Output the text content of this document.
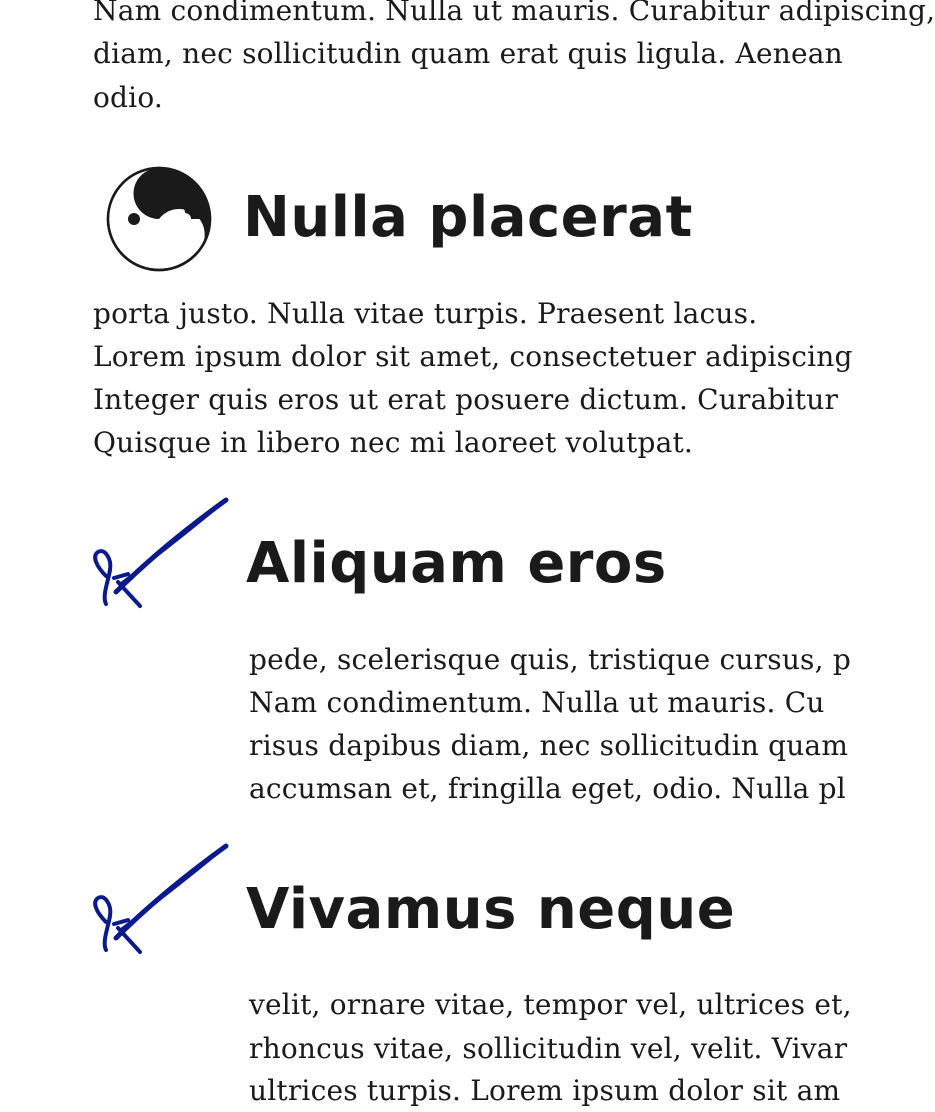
Nam condimentum. Nulla ut mauris. Curabitur adipiscing,
diam, nec sollicitudin quam erat quis ligula. Aenean
odio.
Nulla placerat
porta justo. Nulla vitae turpis. Praesent lacus.
Lorem ipsum dolor sit amet, consectetuer adipiscing
Integer quis eros ut erat posuere dictum. Curabitur
Quisque in libero nec mi laoreet volutpat.
Aliquam eros
pede, scelerisque quis, tristique cursus, p
Nam condimentum. Nulla ut mauris. Cu
risus dapibus diam, nec sollicitudin quam
accumsan et, fringilla eget, odio. Nulla pl
Vivamus neque
velit, ornare vitae, tempor vel, ultrices et,
rhoncus vitae, sollicitudin vel, velit. Vivar
ultrices turpis. Lorem ipsum dolor sit am
